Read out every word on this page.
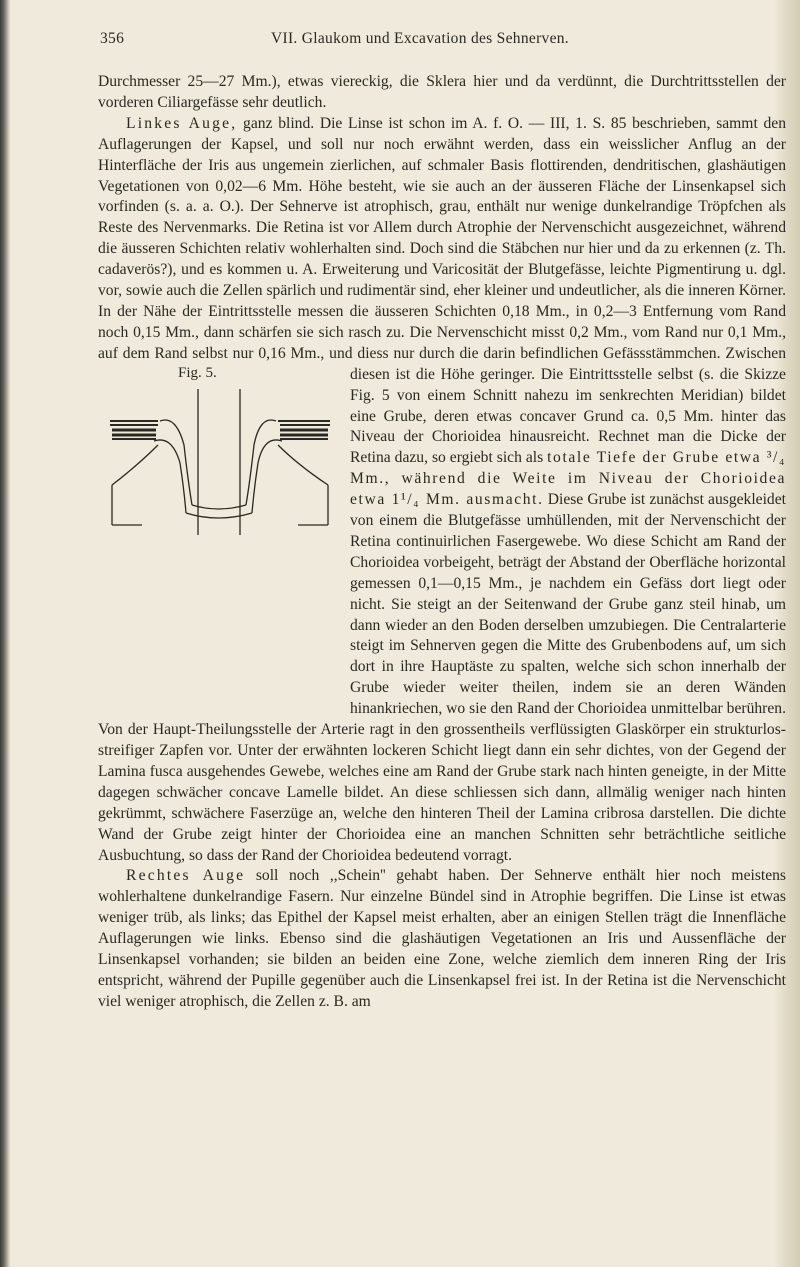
VII. Glaukom und Excavation des Sehnerven.
356

Durchmesser 25—27 Mm.), etwas viereckig, die Sklera hier und da verdünnt, die Durchtrittsstellen der vorderen Ciliargefässe sehr deutlich.

Linkes Auge, ganz blind. Die Linse ist schon im A. f. O. — III, 1. S. 85 beschrieben, sammt den Auflagerungen der Kapsel, und soll nur noch erwähnt werden, dass ein weisslicher Anflug an der Hinterfläche der Iris aus ungemein zierlichen, auf schmaler Basis flottirenden, dendritischen, glashäutigen Vegetationen von 0,02—6 Mm. Höhe besteht, wie sie auch an der äusseren Fläche der Linsenkapsel sich vorfinden (s. a. a. O.). Der Sehnerve ist atrophisch, grau, enthält nur wenige dunkelrandige Tröpfchen als Reste des Nervenmarks. Die Retina ist vor Allem durch Atrophie der Nervenschicht ausgezeichnet, während die äusseren Schichten relativ wohlerhalten sind. Doch sind die Stäbchen nur hier und da zu erkennen (z. Th. cadaverös?), und es kommen u. A. Erweiterung und Varicosität der Blutgefässe, leichte Pigmentirung u. dgl. vor, sowie auch die Zellen spärlich und rudimentär sind, eher kleiner und undeutlicher, als die inneren Körner. In der Nähe der Eintrittsstelle messen die äusseren Schichten 0,18 Mm., in 0,2—3 Entfernung vom Rand noch 0,15 Mm., dann schärfen sie sich rasch zu. Die Nervenschicht misst 0,2 Mm., vom Rand nur 0,1 Mm., auf dem Rand selbst nur 0,16 Mm., und diess nur durch die darin befindlichen Gefässstämmchen. Zwischen diesen ist die Höhe geringer.
Die Eintrittsstelle selbst (s. die Skizze Fig. 5 von einem Schnitt nahezu im senkrechten Meridian) bildet eine Grube, deren etwas concaver Grund ca. 0,5 Mm. hinter das Niveau der Chorioidea hinausreicht. Rechnet man die Dicke der Retina dazu, so ergiebt sich als totale Tiefe der Grube etwa ³/₄ Mm., während die Weite im Niveau der Chorioidea etwa 1¹/₄ Mm. ausmacht. Diese Grube ist zunächst ausgekleidet von einem die Blutgefässe umhüllenden, mit der Nervenschicht der Retina continuirlichen Fasergewebe. Wo diese Schicht am Rand der Chorioidea vorbeigeht, beträgt der Abstand der Oberfläche horizontal gemessen 0,1—0,15 Mm., je nachdem ein Gefäss dort liegt oder nicht. Sie steigt an der Seitenwand der Grube ganz steil hinab, um dann wieder an den Boden derselben umzubiegen. Die Centralarterie steigt im Sehnerven gegen die Mitte des Grubenbodens auf, um sich dort in ihre Hauptäste zu spalten, welche sich schon innerhalb der Grube wieder weiter theilen, indem sie an deren Wänden hinankriechen, wo sie den Rand der Chorioidea unmittelbar berühren. Von der Haupt-Theilungsstelle der Arterie ragt in den grossentheils verflüssigten Glaskörper ein strukturlos-streifiger Zapfen vor. Unter der erwähnten lockeren Schicht liegt dann ein sehr dichtes, von der Gegend der Lamina fusca ausgehendes Gewebe, welches eine am Rand der Grube stark nach hinten geneigte, in der Mitte dagegen schwächer concave Lamelle bildet. An diese schliessen sich dann, allmälig weniger nach hinten gekrümmt, schwächere Faserzüge an, welche den hinteren Theil der Lamina cribrosa darstellen. Die dichte Wand der Grube zeigt hinter der Chorioidea eine an manchen Schnitten sehr beträchtliche seitliche Ausbuchtung, so dass der Rand der Chorioidea bedeutend vorragt.

Rechtes Auge soll noch ,,Schein'' gehabt haben. Der Sehnerve enthält hier noch meistens wohlerhaltene dunkelrandige Fasern. Nur einzelne Bündel sind in Atrophie begriffen. Die Linse ist etwas weniger trüb, als links; das Epithel der Kapsel meist erhalten, aber an einigen Stellen trägt die Innenfläche Auflagerungen wie links. Ebenso sind die glashäutigen Vegetationen an Iris und Aussenfläche der Linsenkapsel vorhanden; sie bilden an beiden eine Zone, welche ziemlich dem inneren Ring der Iris entspricht, während der Pupille gegenüber auch die Linsenkapsel frei ist. In der Retina ist die Nervenschicht viel weniger atrophisch, die Zellen z. B. am

Fig. 5.
